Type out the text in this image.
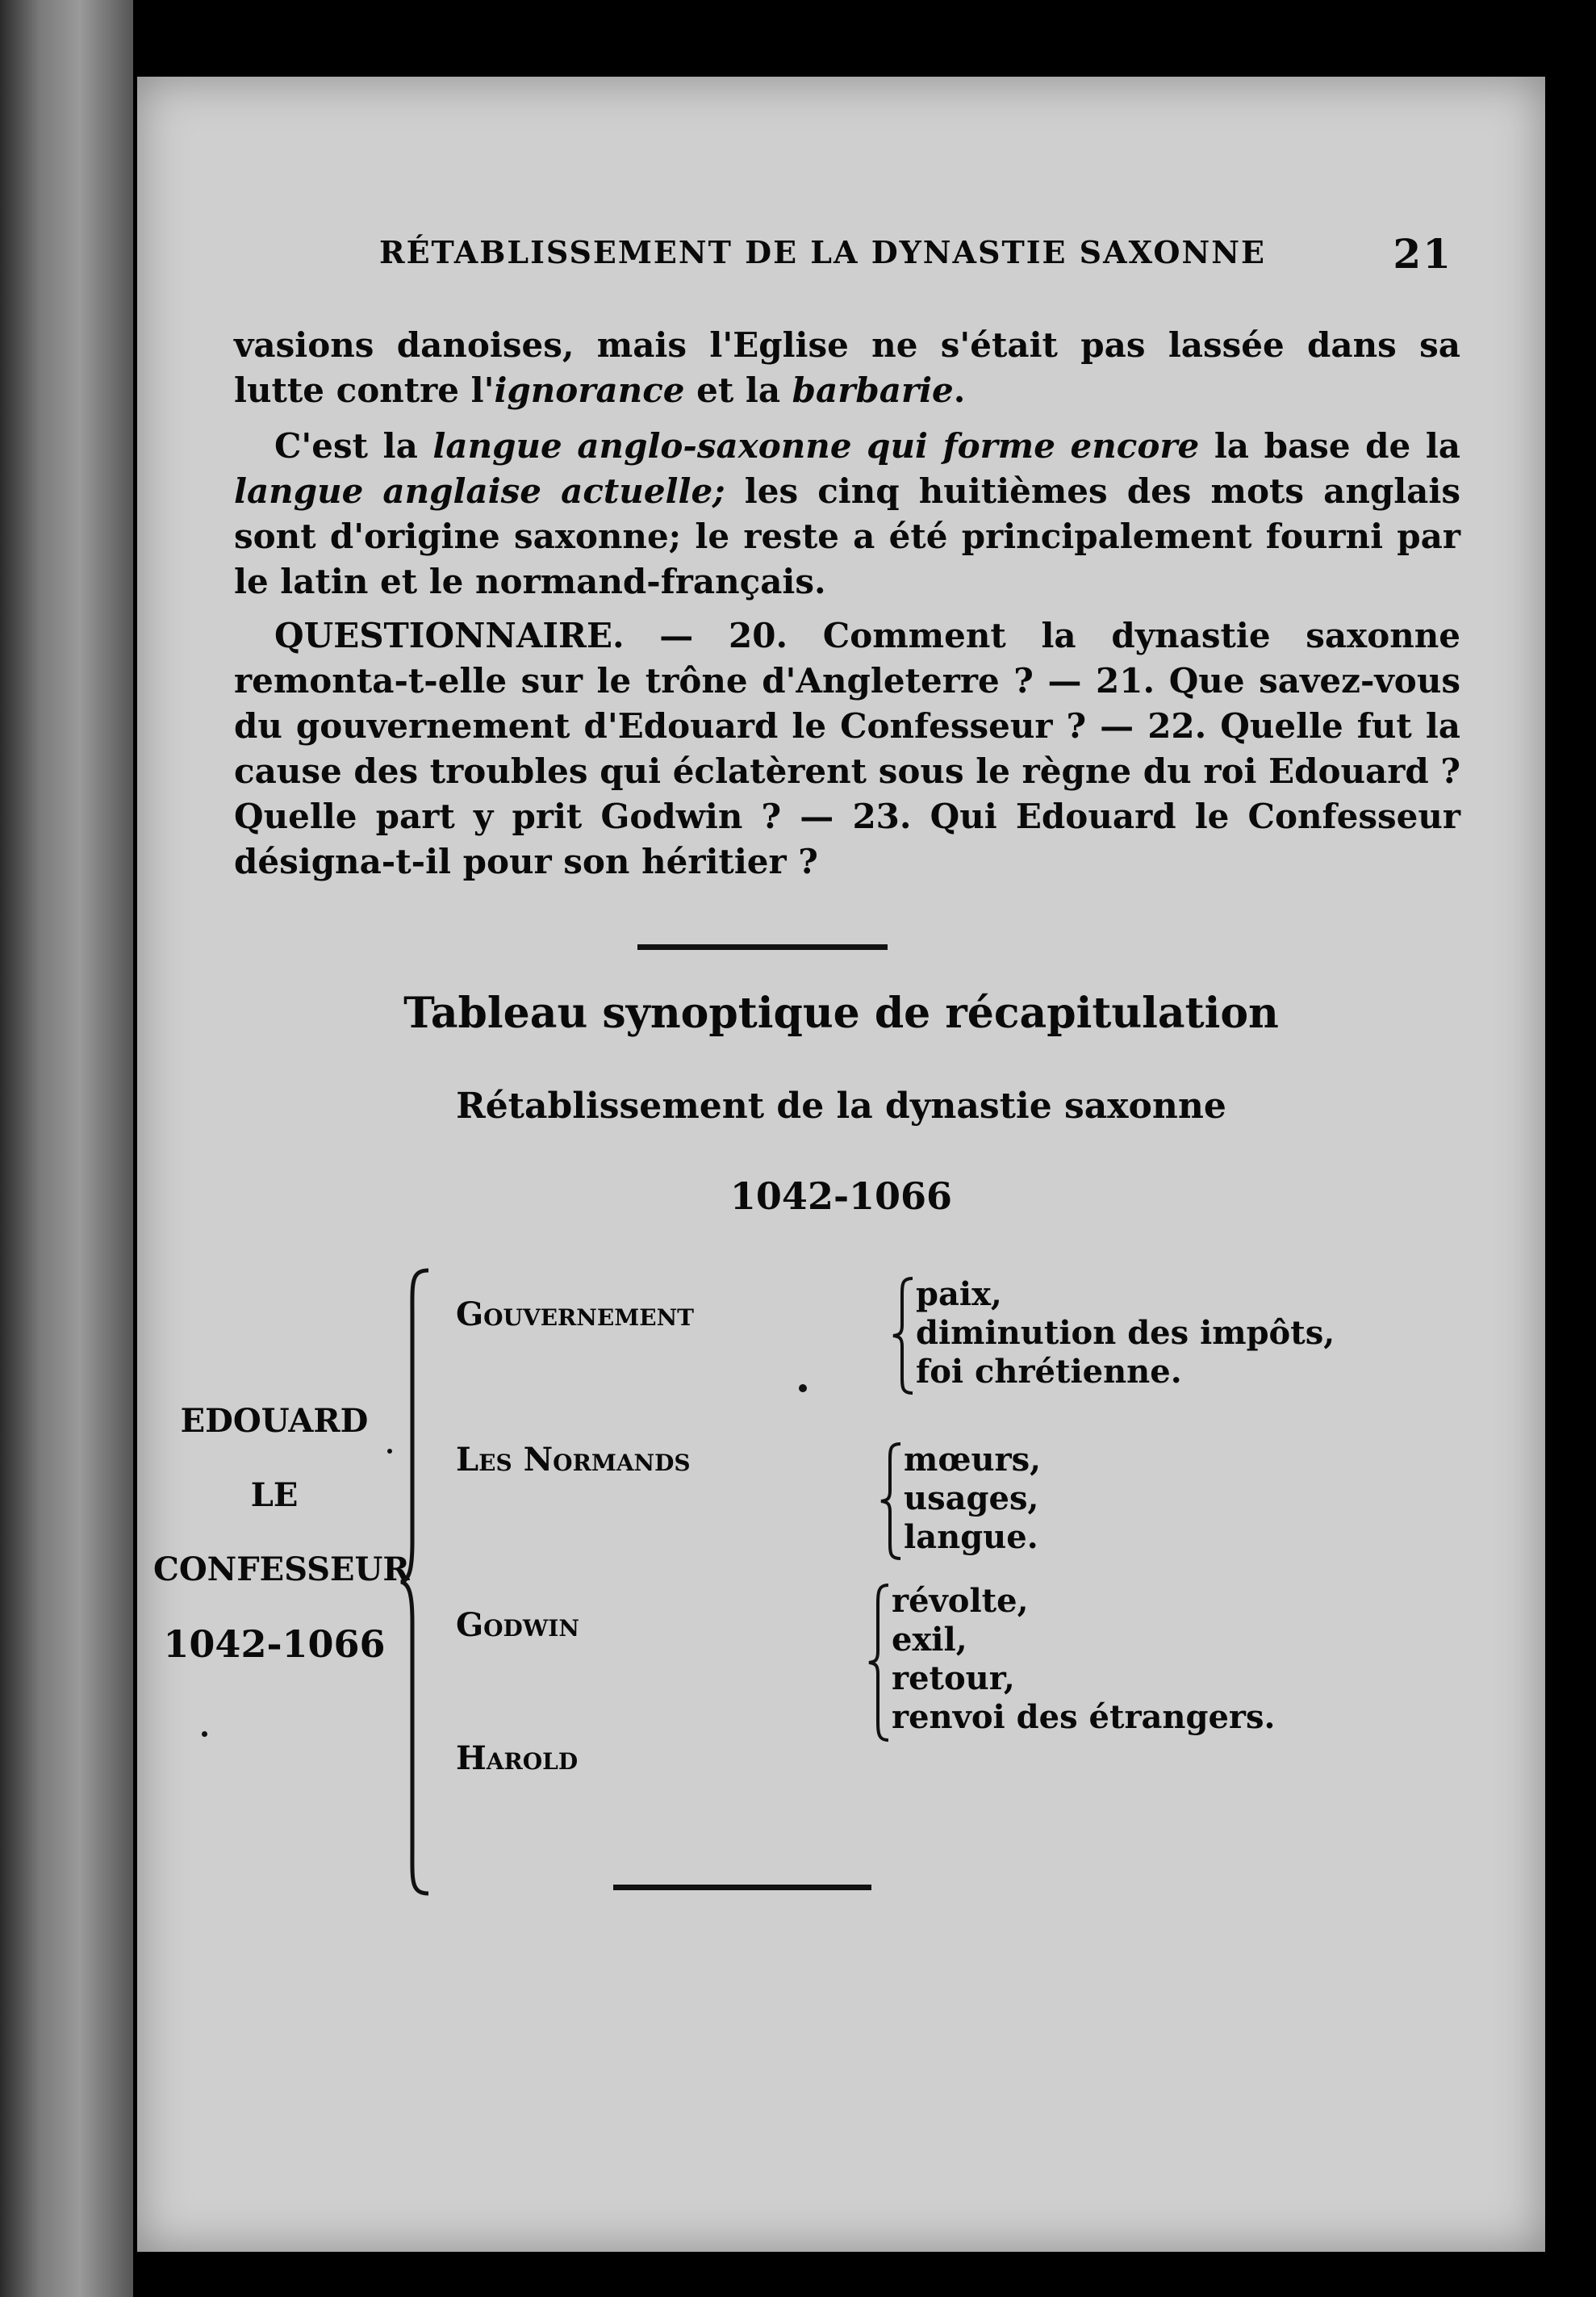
RÉTABLISSEMENT DE LA DYNASTIE SAXONNE	21
vasions danoises, mais l'Eglise ne s'était pas lassée dans sa lutte contre l'ignorance et la barbarie.
C'est la langue anglo-saxonne qui forme encore la base de la langue anglaise actuelle; les cinq huitièmes des mots anglais sont d'origine saxonne; le reste a été principalement fourni par le latin et le normand-français.
QUESTIONNAIRE. — 20. Comment la dynastie saxonne remonta-t-elle sur le trône d'Angleterre ? — 21. Que savez-vous du gouvernement d'Edouard le Confesseur ? — 22. Quelle fut la cause des troubles qui éclatèrent sous le règne du roi Edouard ? Quelle part y prit Godwin ? — 23. Qui Edouard le Confesseur désigna-t-il pour son héritier ?
Tableau synoptique de récapitulation
Rétablissement de la dynastie saxonne
1042-1066
EDOUARD
LE
CONFESSEUR
1042-1066
Gouvernement
Les Normands
Godwin
Harold
paix,
diminution des impôts,
foi chrétienne.
mœurs,
usages,
langue.
révolte,
exil,
retour,
renvoi des étrangers.
